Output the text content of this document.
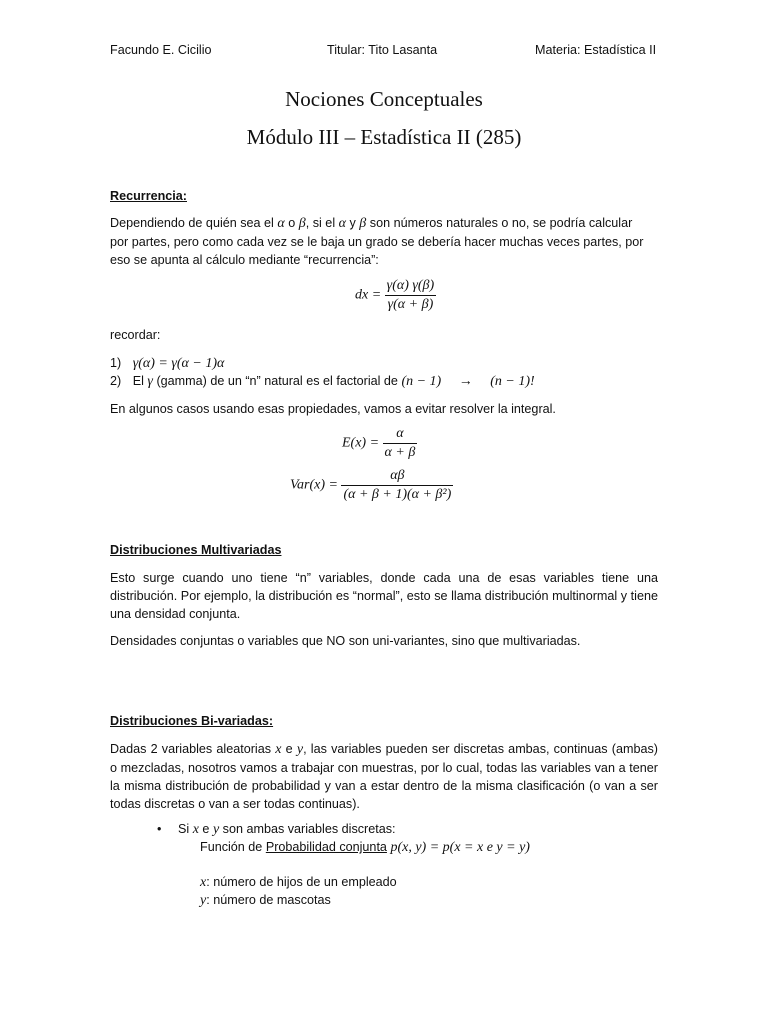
Facundo E. Cicilio	Titular: Tito Lasanta	Materia: Estadística II
Nociones Conceptuales
Módulo III – Estadística II (285)
Recurrencia:
Dependiendo de quién sea el α o β, si el α y β son números naturales o no, se podría calcular
por partes, pero como cada vez se le baja un grado se debería hacer muchas veces partes, por
eso se apunta al cálculo mediante “recurrencia”:
dx = $\frac{\gamma(\alpha) \gamma(\beta)}{\gamma(\alpha + \beta)}$
recordar:
1) γ(α) = γ(α − 1)α
2) El γ (gamma) de un “n” natural es el factorial de (n − 1) → (n − 1)!
En algunos casos usando esas propiedades, vamos a evitar resolver la integral.
$E(x) = \frac{\alpha}{\alpha + \beta}$
$Var(x) = \frac{\alpha\beta}{\text{(α + β + 1)(α + β²)}}$
Distribuciones Multivariadas
Esto surge cuando uno tiene “n” variables, donde cada una de esas variables tiene una distribución. Por ejemplo, la distribución es “normal”, esto se llama distribución multinormal y tiene una densidad conjunta.
Densidades conjuntas o variables que NO son uni-variantes, sino que multivariadas.
Distribuciones Bi-variadas:
Dadas 2 variables aleatorias x e y, las variables pueden ser discretas ambas, continuas (ambas) o mezcladas, nosotros vamos a trabajar con muestras, por lo cual, todas las variables van a tener la misma distribución de probabilidad y van a estar dentro de la misma clasificación (o van a ser todas discretas o van a ser todas continuas).
• Si x e y son ambas variables discretas:
Función de Probabilidad conjunta p(x, y) = p(x = x e y = y)
x: número de hijos de un empleado
y: número de mascotas
